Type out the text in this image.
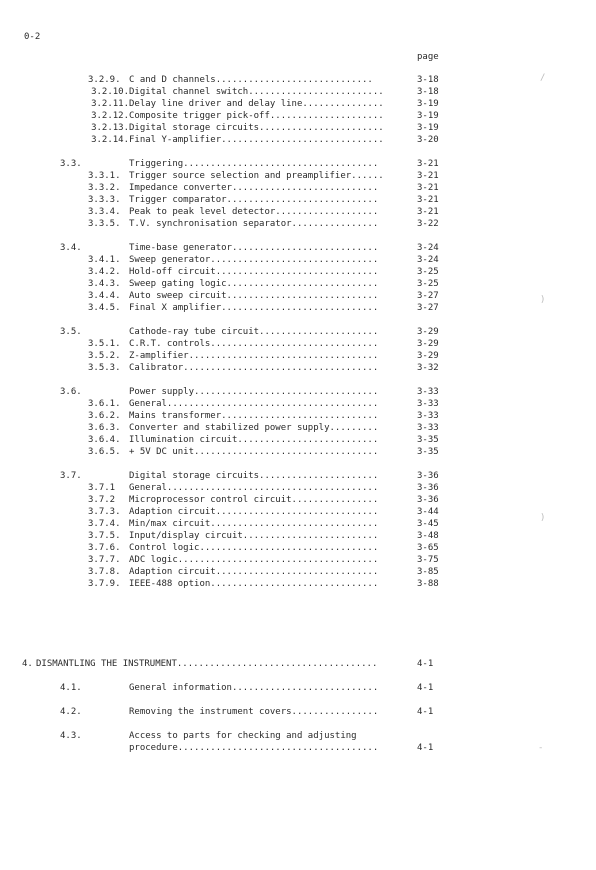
0-2
page
3.2.9. C and D channels.............................	3-18
3.2.10. Digital channel switch.........................	3-18
3.2.11. Delay line driver and delay line...............	3-19
3.2.12. Composite trigger pick-off.....................	3-19
3.2.13. Digital storage circuits.......................	3-19
3.2.14. Final Y-amplifier..............................	3-20
3.3.	Triggering....................................	3-21
3.3.1. Trigger source selection and preamplifier......	3-21
3.3.2. Impedance converter...........................	3-21
3.3.3. Trigger comparator............................	3-21
3.3.4. Peak to peak level detector...................	3-21
3.3.5. T.V. synchronisation separator................	3-22
3.4.	Time-base generator...........................	3-24
3.4.1. Sweep generator...............................	3-24
3.4.2. Hold-off circuit..............................	3-25
3.4.3. Sweep gating logic............................	3-25
3.4.4. Auto sweep circuit............................	3-27
3.4.5. Final X amplifier.............................	3-27
3.5.	Cathode-ray tube circuit......................	3-29
3.5.1. C.R.T. controls...............................	3-29
3.5.2. Z-amplifier...................................	3-29
3.5.3. Calibrator....................................	3-32
3.6.	Power supply..................................	3-33
3.6.1. General.......................................	3-33
3.6.2. Mains transformer.............................	3-33
3.6.3. Converter and stabilized power supply.........	3-33
3.6.4. Illumination circuit..........................	3-35
3.6.5. + 5V DC unit..................................	3-35
3.7.	Digital storage circuits......................	3-36
3.7.1 General.......................................	3-36
3.7.2 Microprocessor control circuit................	3-36
3.7.3. Adaption circuit..............................	3-44
3.7.4. Min/max circuit...............................	3-45
3.7.5. Input/display circuit.........................	3-48
3.7.6. Control logic.................................	3-65
3.7.7. ADC logic.....................................	3-75
3.7.8. Adaption circuit..............................	3-85
3.7.9. IEEE-488 option...............................	3-88
4. DISMANTLING THE INSTRUMENT.....................................	4-1
4.1.	General information...........................	4-1
4.2.	Removing the instrument covers................	4-1
4.3.	Access to parts for checking and adjusting
procedure.....................................	4-1
/
)
)
-
